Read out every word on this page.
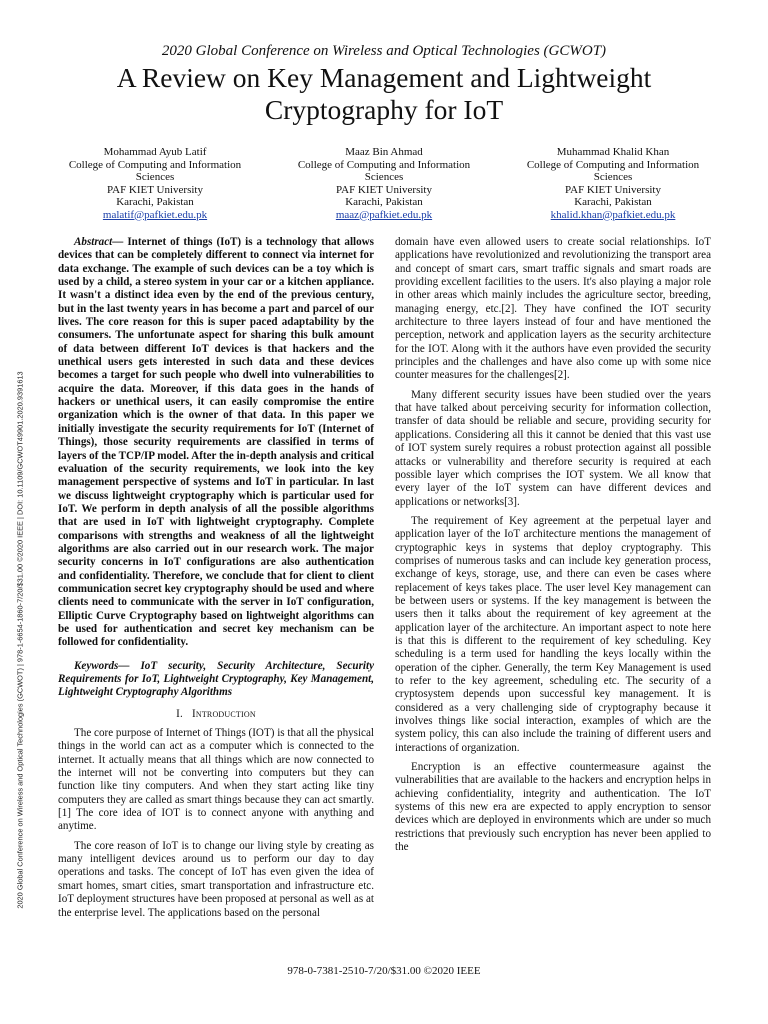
2020 Global Conference on Wireless and Optical Technologies (GCWOT) | 978-1-6654-1860-7/20/$31.00 ©2020 IEEE | DOI: 10.1109/GCWOT49901.2020.9391613
2020 Global Conference on Wireless and Optical Technologies (GCWOT)
A Review on Key Management and Lightweight
Cryptography for IoT
Mohammad Ayub Latif
College of Computing and Information
Sciences
PAF KIET University
Karachi, Pakistan
malatif@pafkiet.edu.pk
Maaz Bin Ahmad
College of Computing and Information
Sciences
PAF KIET University
Karachi, Pakistan
maaz@pafkiet.edu.pk
Muhammad Khalid Khan
College of Computing and Information
Sciences
PAF KIET University
Karachi, Pakistan
khalid.khan@pafkiet.edu.pk

Abstract— Internet of things (IoT) is a technology that allows devices that can be completely different to connect via internet for data exchange. The example of such devices can be a toy which is used by a child, a stereo system in your car or a kitchen appliance. It wasn't a distinct idea even by the end of the previous century, but in the last twenty years in has become a part and parcel of our lives. The core reason for this is super paced adaptability by the consumers. The unfortunate aspect for sharing this bulk amount of data between different IoT devices is that hackers and the unethical users gets interested in such data and these devices becomes a target for such people who dwell into vulnerabilities to acquire the data. Moreover, if this data goes in the hands of hackers or unethical users, it can easily compromise the entire organization which is the owner of that data. In this paper we initially investigate the security requirements for IoT (Internet of Things), those security requirements are classified in terms of layers of the TCP/IP model. After the in-depth analysis and critical evaluation of the security requirements, we look into the key management perspective of systems and IoT in particular. In last we discuss lightweight cryptography which is particular used for IoT. We perform in depth analysis of all the possible algorithms that are used in IoT with lightweight cryptography. Complete comparisons with strengths and weakness of all the lightweight algorithms are also carried out in our research work. The major security concerns in IoT configurations are also authentication and confidentiality. Therefore, we conclude that for client to client communication secret key cryptography should be used and where clients need to communicate with the server in IoT configuration, Elliptic Curve Cryptography based on lightweight algorithms can be used for authentication and secret key mechanism can be followed for confidentiality.

Keywords— IoT security, Security Architecture, Security Requirements for IoT, Lightweight Cryptography, Key Management, Lightweight Cryptography Algorithms

I. Introduction

The core purpose of Internet of Things (IOT) is that all the physical things in the world can act as a computer which is connected to the internet. It actually means that all things which are now connected to the internet will not be converting into computers but they can function like tiny computers. And when they start acting like tiny computers they are called as smart things because they can act smartly. [1] The core idea of IOT is to connect anyone with anything and anytime.

The core reason of IoT is to change our living style by creating as many intelligent devices around us to perform our day to day operations and tasks. The concept of IoT has even given the idea of smart homes, smart cities, smart transportation and infrastructure etc. IoT deployment structures have been proposed at personal as well as at the enterprise level. The applications based on the personal

domain have even allowed users to create social relationships. IoT applications have revolutionized and revolutionizing the transport area and concept of smart cars, smart traffic signals and smart roads are providing excellent facilities to the users. It's also playing a major role in other areas which mainly includes the agriculture sector, breeding, managing energy, etc.[2]. They have confined the IOT security architecture to three layers instead of four and have mentioned the perception, network and application layers as the security architecture for the IOT. Along with it the authors have even provided the security principles and the challenges and have also come up with some nice counter measures for the challenges[2].

Many different security issues have been studied over the years that have talked about perceiving security for information collection, transfer of data should be reliable and secure, providing security for applications. Considering all this it cannot be denied that this vast use of IOT system surely requires a robust protection against all possible attacks or vulnerability and therefore security is required at each possible layer which comprises the IOT system. We all know that every layer of the IoT system can have different devices and applications or networks[3].

The requirement of Key agreement at the perpetual layer and application layer of the IoT architecture mentions the management of cryptographic keys in systems that deploy cryptography. This comprises of numerous tasks and can include key generation process, exchange of keys, storage, use, and there can even be cases where replacement of keys takes place. The user level Key management can be between users or systems. If the key management is between the users then it talks about the requirement of key agreement at the application layer of the architecture. An important aspect to note here is that this is different to the requirement of key scheduling. Key scheduling is a term used for handling the keys locally within the operation of the cipher. Generally, the term Key Management is used to refer to the key agreement, scheduling etc. The security of a cryptosystem depends upon successful key management. It is considered as a very challenging side of cryptography because it involves things like social interaction, examples of which are the system policy, this can also include the training of different users and interactions of organization.

Encryption is an effective countermeasure against the vulnerabilities that are available to the hackers and encryption helps in achieving confidentiality, integrity and authentication. The IoT systems of this new era are expected to apply encryption to sensor devices which are deployed in environments which are under so much restrictions that previously such encryption has never been applied to the

978-0-7381-2510-7/20/$31.00 ©2020 IEEE
